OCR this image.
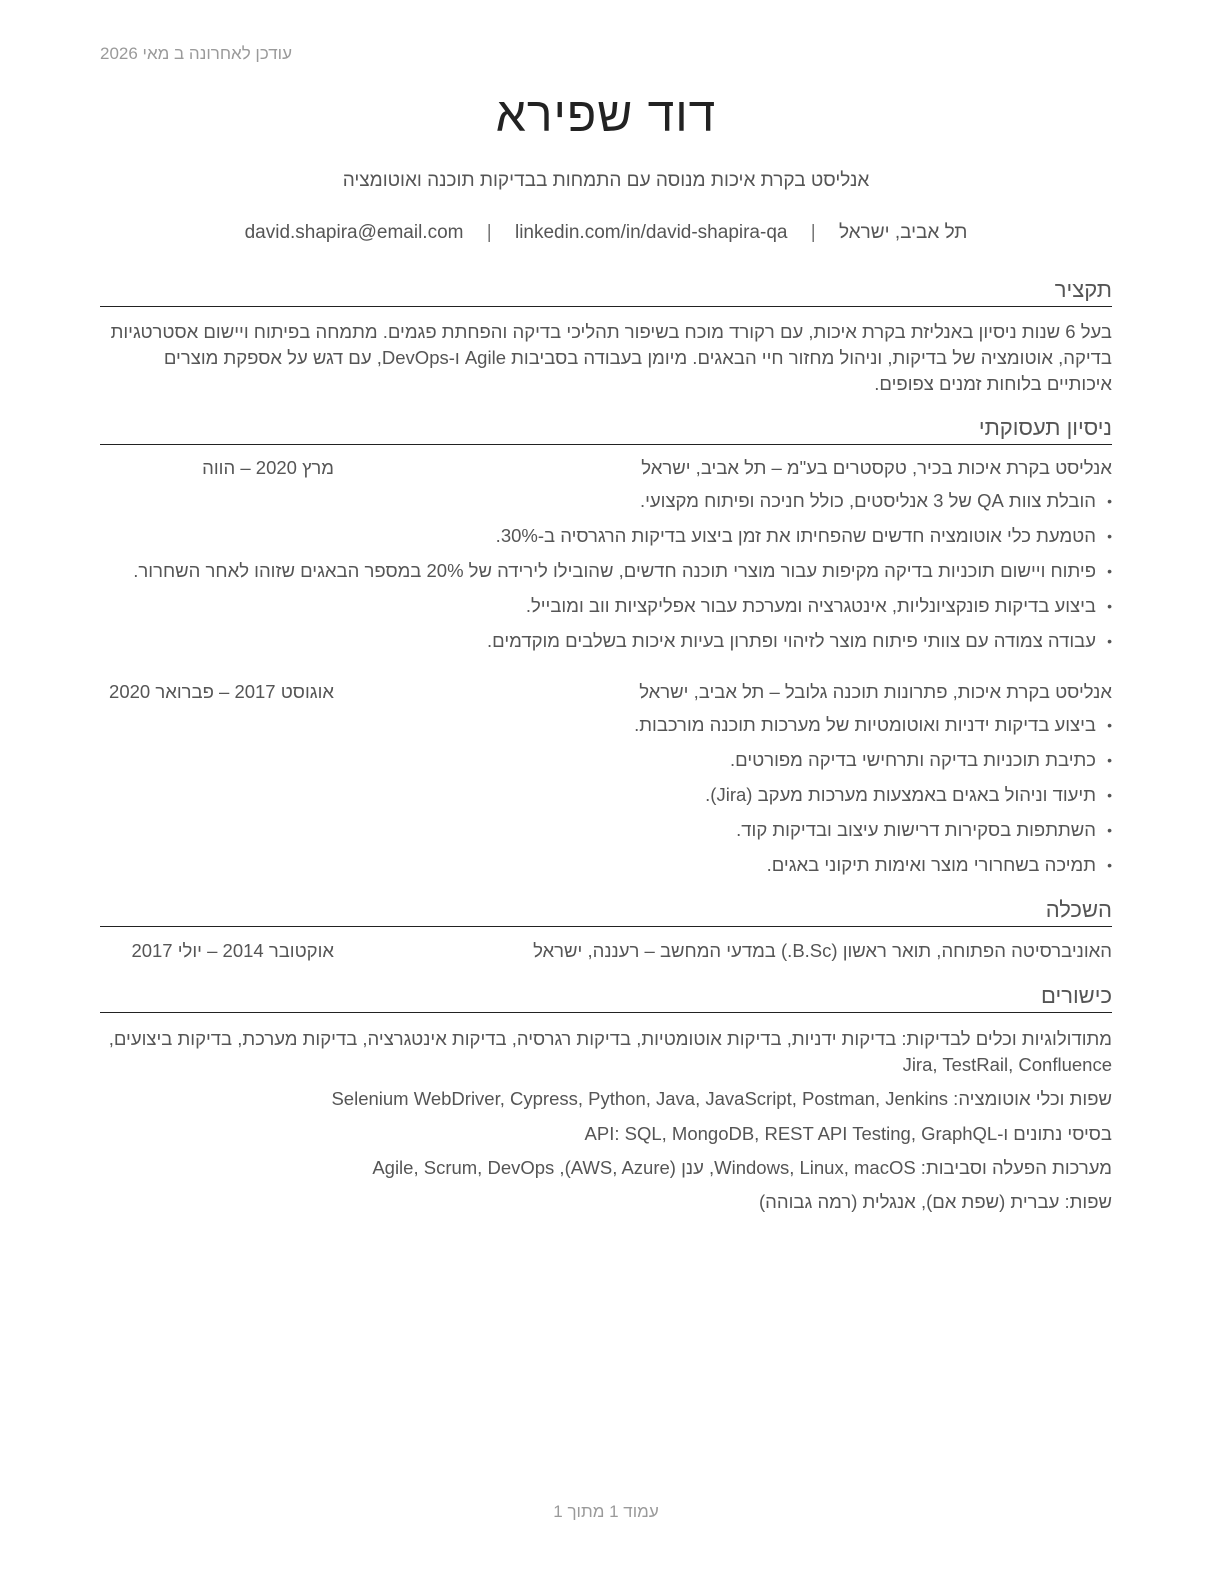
עודכן לאחרונה ב מאי 2026
דוד שפירא
אנליסט בקרת איכות מנוסה עם התמחות בבדיקות תוכנה ואוטומציה
תל אביב, ישראל | david.shapira@email.com | linkedin.com/in/david-shapira-qa
תקציר
בעל 6 שנות ניסיון באנליזת בקרת איכות, עם רקורד מוכח בשיפור תהליכי בדיקה והפחתת פגמים. מתמחה בפיתוח ויישום אסטרטגיות בדיקה, אוטומציה של בדיקות, וניהול מחזור חיי הבאגים. מיומן בעבודה בסביבות Agile ו-DevOps, עם דגש על אספקת מוצרים איכותיים בלוחות זמנים צפופים.
ניסיון תעסוקתי
אנליסט בקרת איכות בכיר, טקסטרים בע"מ – תל אביב, ישראל
מרץ 2020 – הווה
• הובלת צוות QA של 3 אנליסטים, כולל חניכה ופיתוח מקצועי.
• הטמעת כלי אוטומציה חדשים שהפחיתו את זמן ביצוע בדיקות הרגרסיה ב-30%.
• פיתוח ויישום תוכניות בדיקה מקיפות עבור מוצרי תוכנה חדשים, שהובילו לירידה של 20% במספר הבאגים שזוהו לאחר השחרור.
• ביצוע בדיקות פונקציונליות, אינטגרציה ומערכת עבור אפליקציות ווב ומובייל.
• עבודה צמודה עם צוותי פיתוח מוצר לזיהוי ופתרון בעיות איכות בשלבים מוקדמים.
אנליסט בקרת איכות, פתרונות תוכנה גלובל – תל אביב, ישראל
אוגוסט 2017 – פברואר 2020
• ביצוע בדיקות ידניות ואוטומטיות של מערכות תוכנה מורכבות.
• כתיבת תוכניות בדיקה ותרחישי בדיקה מפורטים.
• תיעוד וניהול באגים באמצעות מערכות מעקב (Jira).
• השתתפות בסקירות דרישות עיצוב ובדיקות קוד.
• תמיכה בשחרורי מוצר ואימות תיקוני באגים.
השכלה
האוניברסיטה הפתוחה, תואר ראשון (B.Sc.) במדעי המחשב – רעננה, ישראל
אוקטובר 2014 – יולי 2017
כישורים
מתודולוגיות וכלים לבדיקות: בדיקות ידניות, בדיקות אוטומטיות, בדיקות רגרסיה, בדיקות אינטגרציה, בדיקות מערכת, בדיקות ביצועים, Jira, TestRail, Confluence
שפות וכלי אוטומציה: Selenium WebDriver, Cypress, Python, Java, JavaScript, Postman, Jenkins
בסיסי נתונים ו-API: SQL, MongoDB, REST API Testing, GraphQL
מערכות הפעלה וסביבות: Windows, Linux, macOS, ענן (AWS, Azure), Agile, Scrum, DevOps
שפות: עברית (שפת אם), אנגלית (רמה גבוהה)
עמוד 1 מתוך 1
